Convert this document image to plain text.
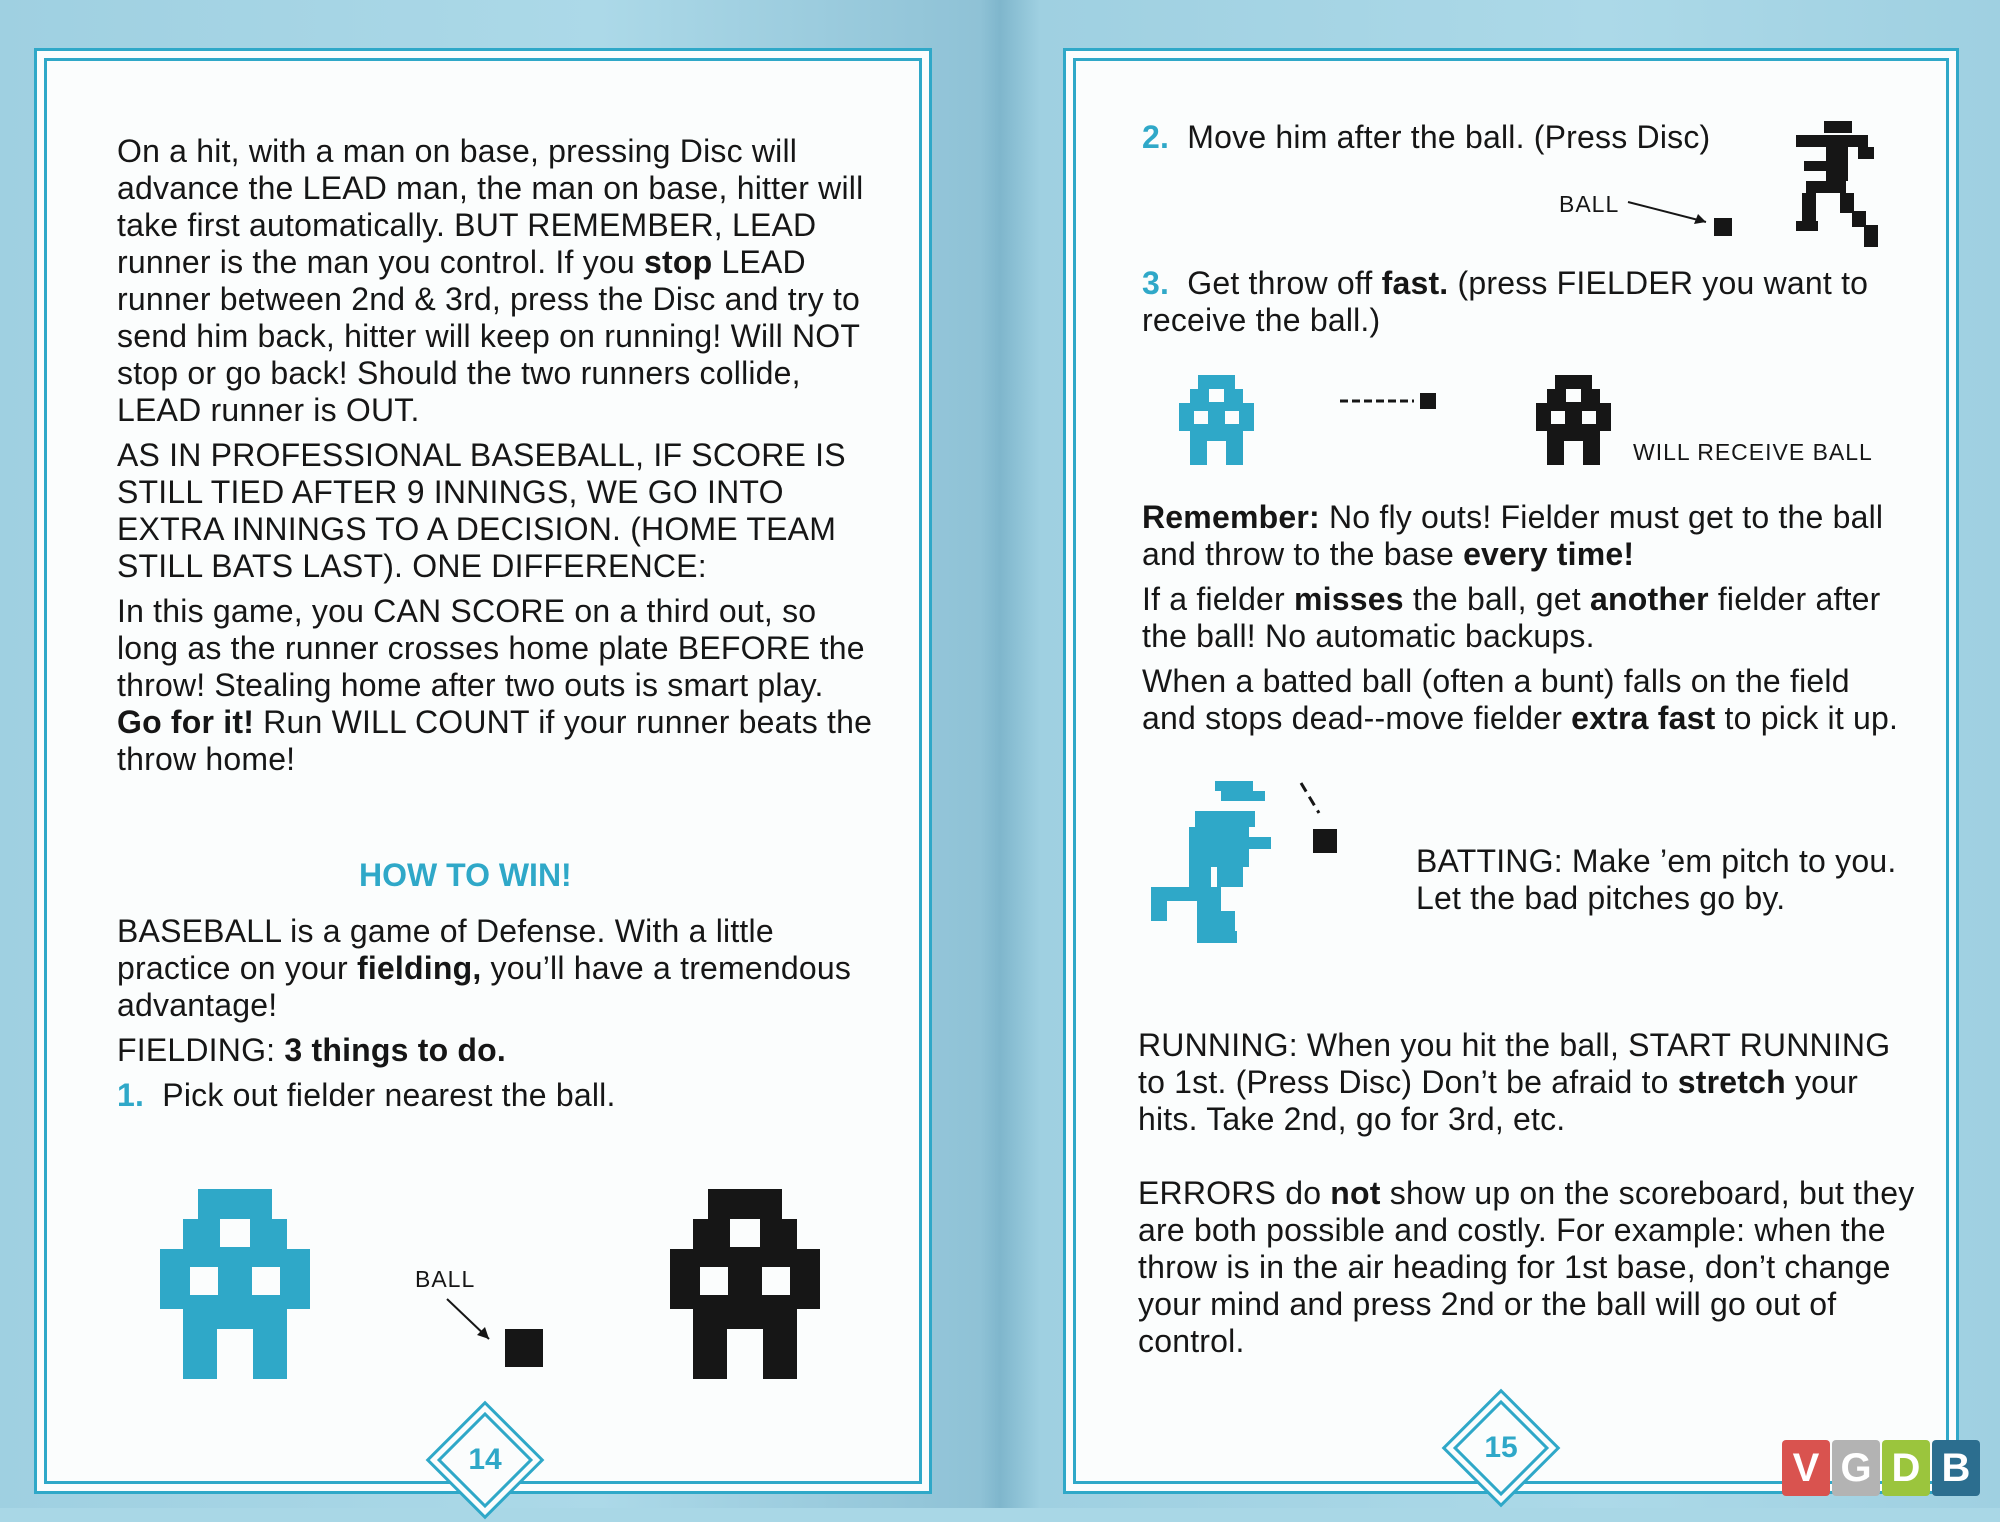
On a hit, with a man on base, pressing Disc will advance the LEAD man, the man on base, hitter will take first automatically. BUT REMEMBER, LEAD runner is the man you control. If you stop LEAD runner between 2nd & 3rd, press the Disc and try to send him back, hitter will keep on running! Will NOT stop or go back! Should the two runners collide, LEAD runner is OUT.

AS IN PROFESSIONAL BASEBALL, IF SCORE IS STILL TIED AFTER 9 INNINGS, WE GO INTO EXTRA INNINGS TO A DECISION. (HOME TEAM STILL BATS LAST). ONE DIFFERENCE:

In this game, you CAN SCORE on a third out, so long as the runner crosses home plate BEFORE the throw! Stealing home after two outs is smart play. Go for it! Run WILL COUNT if your runner beats the throw home!

HOW TO WIN!

BASEBALL is a game of Defense. With a little practice on your fielding, you’ll have a tremendous advantage!

FIELDING: 3 things to do.

1. Pick out fielder nearest the ball.

BALL
14
2. Move him after the ball. (Press Disc)
BALL
3. Get throw off fast. (press FIELDER you want to receive the ball.)
WILL RECEIVE BALL

Remember: No fly outs! Fielder must get to the ball and throw to the base every time!

If a fielder misses the ball, get another fielder after the ball! No automatic backups.

When a batted ball (often a bunt) falls on the field and stops dead--move fielder extra fast to pick it up.

BATTING: Make ’em pitch to you. Let the bad pitches go by.
RUNNING: When you hit the ball, START RUNNING to 1st. (Press Disc) Don’t be afraid to stretch your hits. Take 2nd, go for 3rd, etc.
ERRORS do not show up on the scoreboard, but they are both possible and costly. For example: when the throw is in the air heading for 1st base, don’t change your mind and press 2nd or the ball will go out of control.
15	V G D B
